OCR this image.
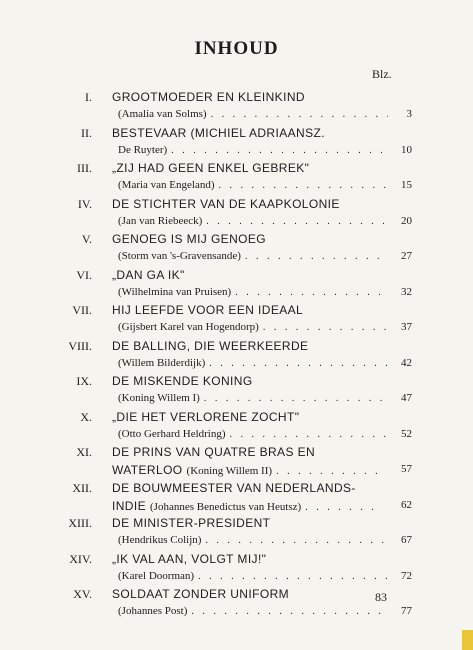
INHOUD
Blz.
I. GROOTMOEDER EN KLEINKIND
(Amalia van Solms) . . .	3
II. BESTEVAAR (MICHIEL ADRIAANSZ.
De Ruyter) . . .	10
III. „ZIJ HAD GEEN ENKEL GEBREK"
(Maria van Engeland) . . .	15
IV. DE STICHTER VAN DE KAAPKOLONIE
(Jan van Riebeeck) . . .	20
V. GENOEG IS MIJ GENOEG
(Storm van 's-Gravensande) . . .	27
VI. „DAN GA IK"
(Wilhelmina van Pruisen) . . .	32
VII. HIJ LEEFDE VOOR EEN IDEAAL
(Gijsbert Karel van Hogendorp) . . .	37
VIII. DE BALLING, DIE WEERKEERDE
(Willem Bilderdijk) . . .	42
IX. DE MISKENDE KONING
(Koning Willem I) . . .	47
X. „DIE HET VERLORENE ZOCHT"
(Otto Gerhard Heldring) . . .	52
XI. DE PRINS VAN QUATRE BRAS EN
WATERLOO (Koning Willem II) . . .	57
XII. DE BOUWMEESTER VAN NEDERLANDS-
INDIE (Johannes Benedictus van Heutsz) . . .	62
XIII. DE MINISTER-PRESIDENT
(Hendrikus Colijn) . . .	67
XIV. „IK VAL AAN, VOLGT MIJ!"
(Karel Doorman) . . .	72
XV. SOLDAAT ZONDER UNIFORM
(Johannes Post) . . .	77
83
